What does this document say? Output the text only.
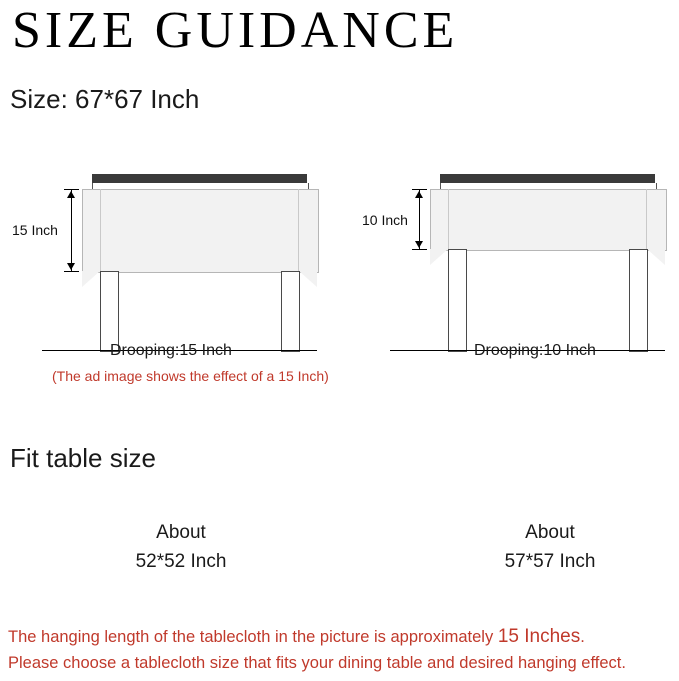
SIZE GUIDANCE
Size: 67*67 Inch
15 Inch
Drooping:15 Inch
(The ad image shows the effect of a 15 Inch)
10 Inch
Drooping:10 Inch
Fit table size
About
52*52 Inch
About
57*57 Inch
The hanging length of the tablecloth in the picture is approximately 15 Inches.
Please choose a tablecloth size that fits your dining table and desired hanging effect.
